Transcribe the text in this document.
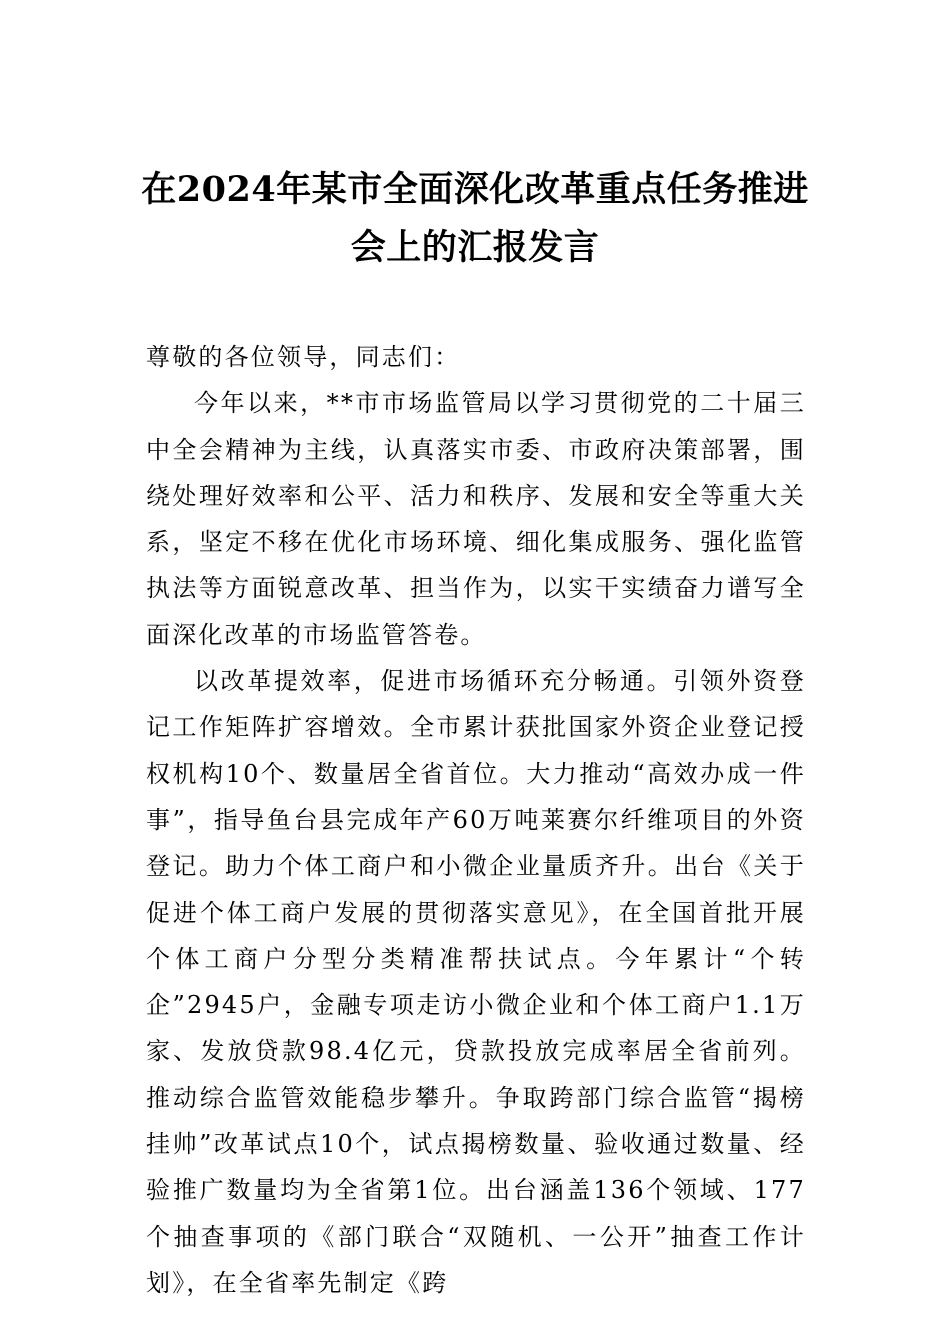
在2024年某市全面深化改革重点任务推进
会上的汇报发言

尊敬的各位领导，同志们：

今年以来，**市市场监管局以学习贯彻党的二十届三中全会精神为主线，认真落实市委、市政府决策部署，围绕处理好效率和公平、活力和秩序、发展和安全等重大关系，坚定不移在优化市场环境、细化集成服务、强化监管执法等方面锐意改革、担当作为，以实干实绩奋力谱写全面深化改革的市场监管答卷。

以改革提效率，促进市场循环充分畅通。引领外资登记工作矩阵扩容增效。全市累计获批国家外资企业登记授权机构10个、数量居全省首位。大力推动“高效办成一件事”，指导鱼台县完成年产60万吨莱赛尔纤维项目的外资登记。助力个体工商户和小微企业量质齐升。出台《关于促进个体工商户发展的贯彻落实意见》，在全国首批开展个体工商户分型分类精准帮扶试点。今年累计“个转企”2945户，金融专项走访小微企业和个体工商户1.1万家、发放贷款98.4亿元，贷款投放完成率居全省前列。推动综合监管效能稳步攀升。争取跨部门综合监管“揭榜挂帅”改革试点10个，试点揭榜数量、验收通过数量、经验推广数量均为全省第1位。出台涵盖136个领域、177个抽查事项的《部门联合“双随机、一公开”抽查工作计划》，在全省率先制定《跨
